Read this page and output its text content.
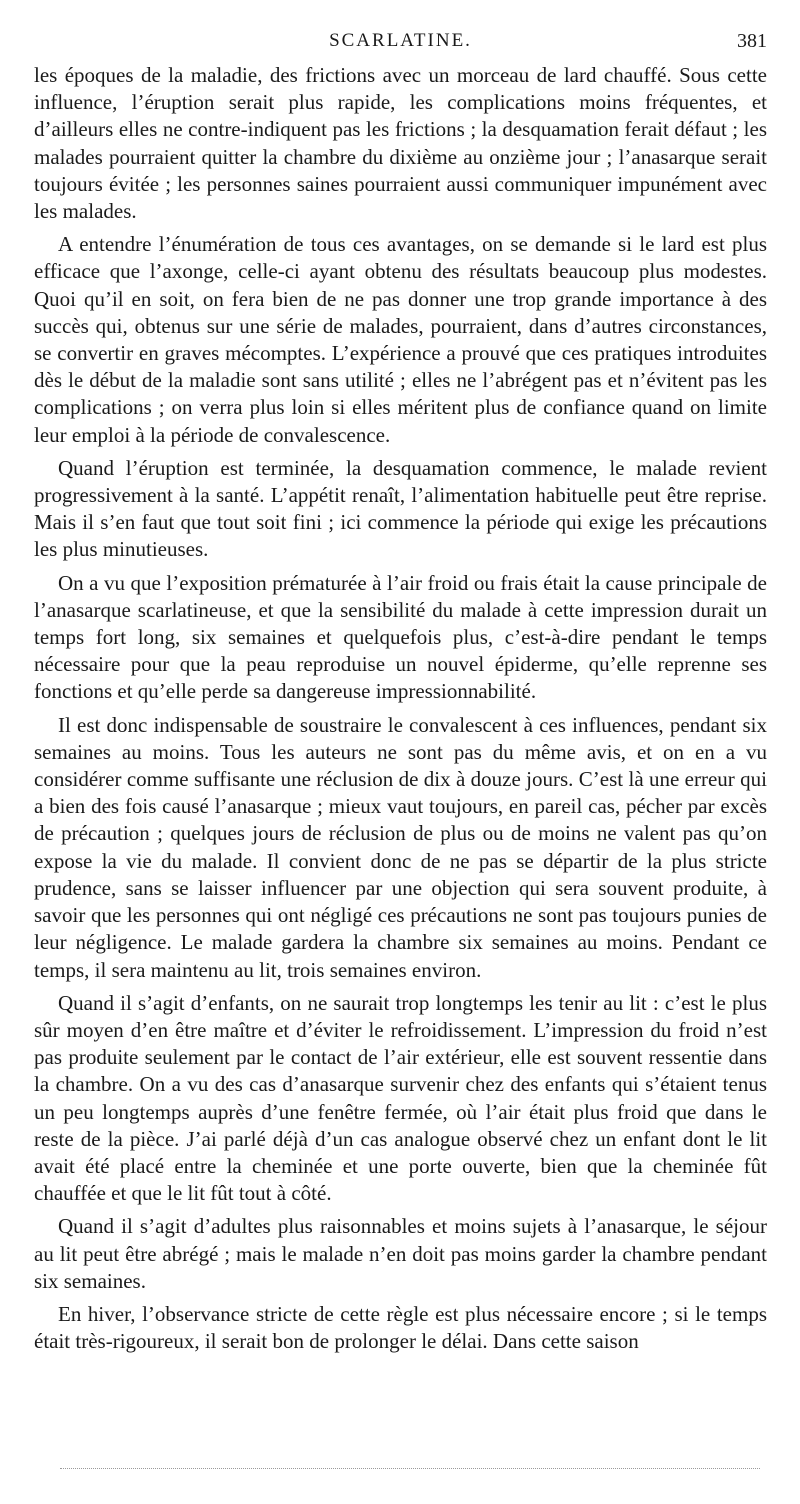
SCARLATINE.	381

les époques de la maladie, des frictions avec un morceau de lard chauffé. Sous cette influence, l’éruption serait plus rapide, les complications moins fréquentes, et d’ailleurs elles ne contre-indiquent pas les frictions ; la desquamation ferait défaut ; les malades pourraient quitter la chambre du dixième au onzième jour ; l’anasarque serait toujours évitée ; les personnes saines pourraient aussi communiquer impunément avec les malades.

A entendre l’énumération de tous ces avantages, on se demande si le lard est plus efficace que l’axonge, celle-ci ayant obtenu des résultats beaucoup plus modestes. Quoi qu’il en soit, on fera bien de ne pas donner une trop grande importance à des succès qui, obtenus sur une série de malades, pourraient, dans d’autres circonstances, se convertir en graves mécomptes. L’expérience a prouvé que ces pratiques introduites dès le début de la maladie sont sans utilité ; elles ne l’abrégent pas et n’évitent pas les complications ; on verra plus loin si elles méritent plus de confiance quand on limite leur emploi à la période de convalescence.

Quand l’éruption est terminée, la desquamation commence, le malade revient progressivement à la santé. L’appétit renaît, l’alimentation habituelle peut être reprise. Mais il s’en faut que tout soit fini ; ici commence la période qui exige les précautions les plus minutieuses.

On a vu que l’exposition prématurée à l’air froid ou frais était la cause principale de l’anasarque scarlatineuse, et que la sensibilité du malade à cette impression durait un temps fort long, six semaines et quelquefois plus, c’est-à-dire pendant le temps nécessaire pour que la peau reproduise un nouvel épiderme, qu’elle reprenne ses fonctions et qu’elle perde sa dangereuse impressionnabilité.

Il est donc indispensable de soustraire le convalescent à ces influences, pendant six semaines au moins. Tous les auteurs ne sont pas du même avis, et on en a vu considérer comme suffisante une réclusion de dix à douze jours. C’est là une erreur qui a bien des fois causé l’anasarque ; mieux vaut toujours, en pareil cas, pécher par excès de précaution ; quelques jours de réclusion de plus ou de moins ne valent pas qu’on expose la vie du malade. Il convient donc de ne pas se départir de la plus stricte prudence, sans se laisser influencer par une objection qui sera souvent produite, à savoir que les personnes qui ont négligé ces précautions ne sont pas toujours punies de leur négligence. Le malade gardera la chambre six semaines au moins. Pendant ce temps, il sera maintenu au lit, trois semaines environ.

Quand il s’agit d’enfants, on ne saurait trop longtemps les tenir au lit : c’est le plus sûr moyen d’en être maître et d’éviter le refroidissement. L’impression du froid n’est pas produite seulement par le contact de l’air extérieur, elle est souvent ressentie dans la chambre. On a vu des cas d’anasarque survenir chez des enfants qui s’étaient tenus un peu longtemps auprès d’une fenêtre fermée, où l’air était plus froid que dans le reste de la pièce. J’ai parlé déjà d’un cas analogue observé chez un enfant dont le lit avait été placé entre la cheminée et une porte ouverte, bien que la cheminée fût chauffée et que le lit fût tout à côté.

Quand il s’agit d’adultes plus raisonnables et moins sujets à l’anasarque, le séjour au lit peut être abrégé ; mais le malade n’en doit pas moins garder la chambre pendant six semaines.

En hiver, l’observance stricte de cette règle est plus nécessaire encore ; si le temps était très-rigoureux, il serait bon de prolonger le délai. Dans cette saison
